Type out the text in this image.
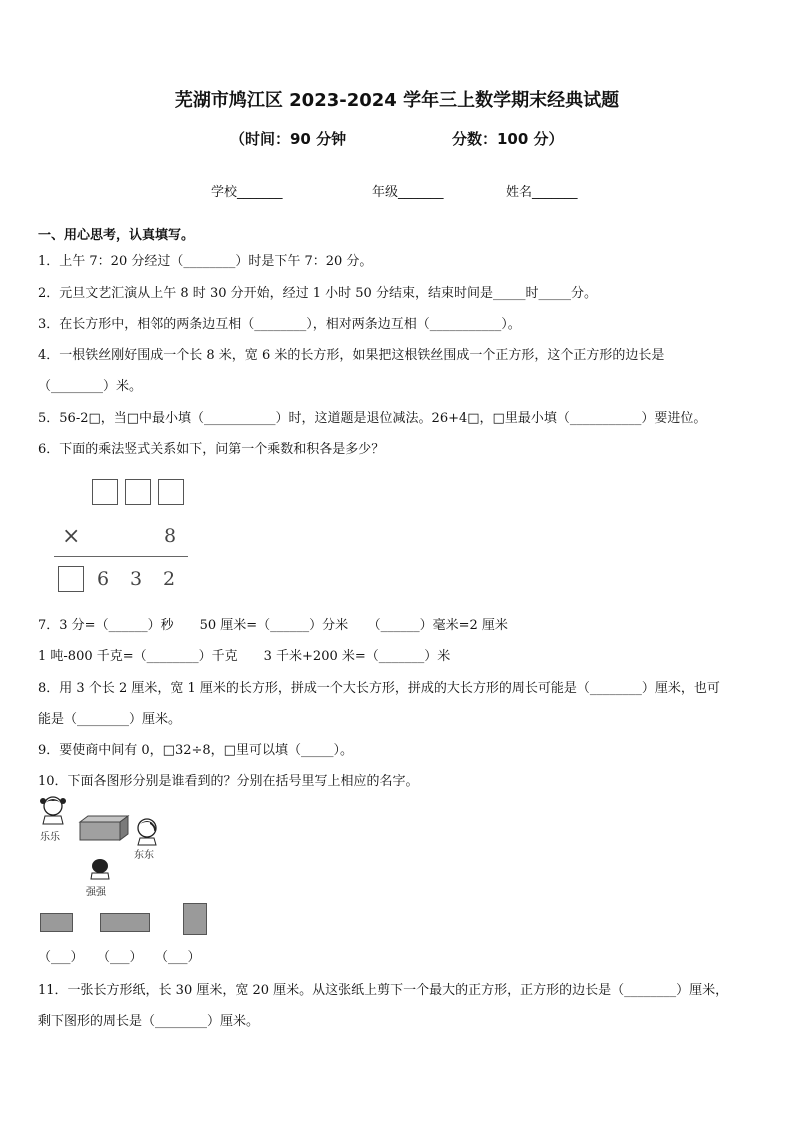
芜湖市鸠江区 2023-2024 学年三上数学期末经典试题
（时间：90 分钟	分数：100 分）
学校_______	年级_______	姓名_______
一、用心思考，认真填写。
1．上午 7：20 分经过（________）时是下午 7：20 分。
2．元旦文艺汇演从上午 8 时 30 分开始，经过 1 小时 50 分结束，结束时间是_____时_____分。
3．在长方形中，相邻的两条边互相（________），相对两条边互相（___________）。
4．一根铁丝刚好围成一个长 8 米，宽 6 米的长方形，如果把这根铁丝围成一个正方形，这个正方形的边长是
（________）米。
5．56-2□，当□中最小填（___________）时，这道题是退位减法。26+4□，□里最小填（___________）要进位。
6．下面的乘法竖式关系如下，问第一个乘数和积各是多少？
×	8
6 3 2
7．3 分=（______）秒　　50 厘米=（______）分米　　（______）毫米=2 厘米
1 吨-800 千克=（________）千克　　3 千米+200 米=（_______）米
8．用 3 个长 2 厘米，宽 1 厘米的长方形，拼成一个大长方形，拼成的大长方形的周长可能是（________）厘米，也可
能是（________）厘米。
9．要使商中间有 0，□32÷8，□里可以填（_____）。
10．下面各图形分别是谁看到的？分别在括号里写上相应的名字。
乐乐
东东
强强
（___） （___） （___）
11．一张长方形纸，长 30 厘米，宽 20 厘米。从这张纸上剪下一个最大的正方形，正方形的边长是（________）厘米，
剩下图形的周长是（________）厘米。
